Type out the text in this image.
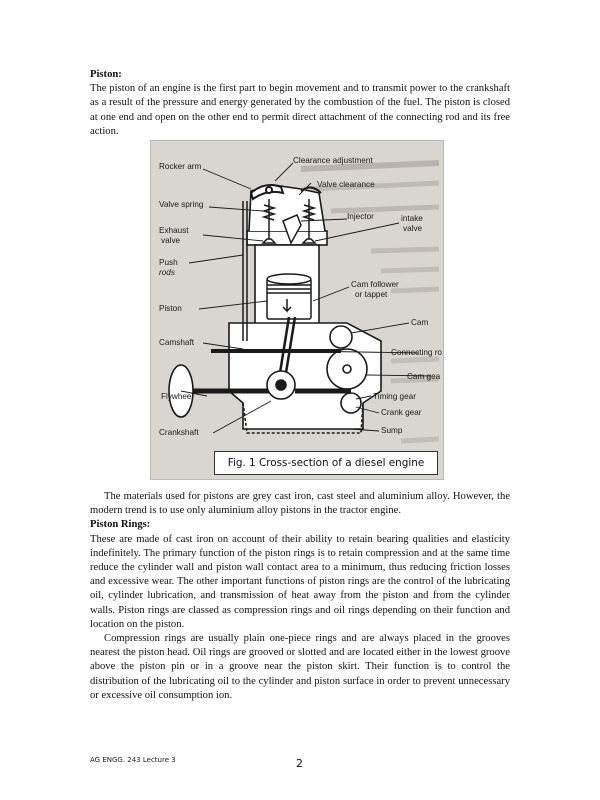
Piston:

The piston of an engine is the first part to begin movement and to transmit power to the crankshaft as a result of the pressure and energy generated by the combustion of the fuel. The piston is closed at one end and open on the other end to permit direct attachment of the connecting rod and its free action.

Rocker arm
Clearance adjustment
Valve clearance
Valve spring
Injector	intake
valve
Exhaust
valve
Push
rods
Cam follower
or tappet
Piston
Cam
Camshaft
Connecting ro
Cam gea
Flywheel	Timing gear
Crank gear
Crankshaft	Sump
Fig. 1 Cross-section of a diesel engine

The materials used for pistons are grey cast iron, cast steel and aluminium alloy. However, the modern trend is to use only aluminium alloy pistons in the tractor engine.

Piston Rings:

These are made of cast iron on account of their ability to retain bearing qualities and elasticity indefinitely. The primary function of the piston rings is to retain compression and at the same time reduce the cylinder wall and piston wall contact area to a minimum, thus reducing friction losses and excessive wear. The other important functions of piston rings are the control of the lubricating oil, cylinder lubrication, and transmission of heat away from the piston and from the cylinder walls. Piston rings are classed as compression rings and oil rings depending on their function and location on the piston.

Compression rings are usually plain one-piece rings and are always placed in the grooves nearest the piston head. Oil rings are grooved or slotted and are located either in the lowest groove above the piston pin or in a groove near the piston skirt. Their function is to control the distribution of the lubricating oil to the cylinder and piston surface in order to prevent unnecessary or excessive oil consumption ion.

AG ENGG. 243 Lecture 3	2
